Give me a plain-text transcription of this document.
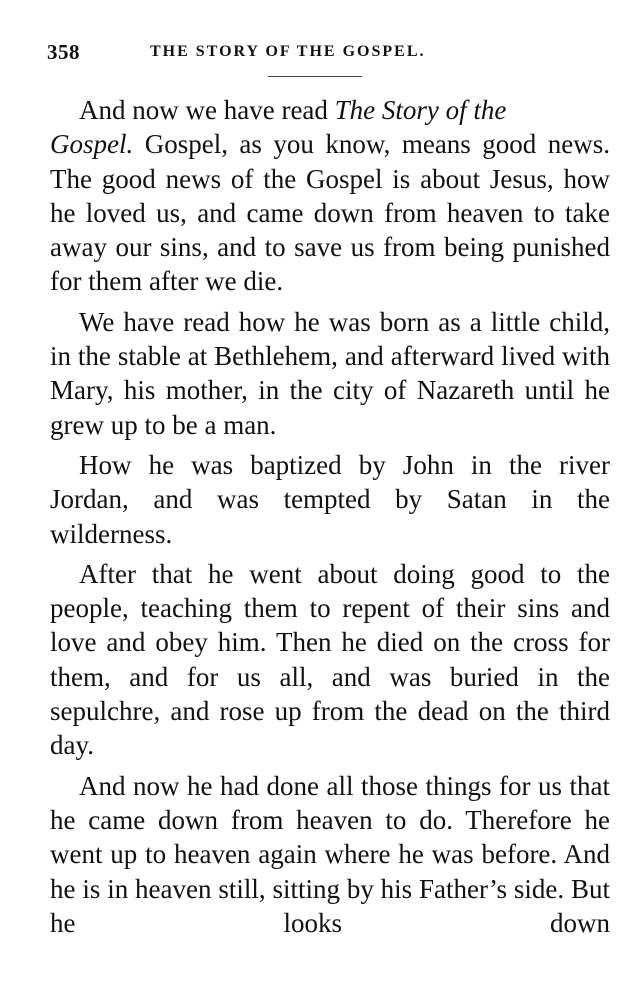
358	THE STORY OF THE GOSPEL.

And now we have read The Story of the
Gospel. Gospel, as you know, means good news. The good news of the Gospel is about Jesus, how he loved us, and came down from heaven to take away our sins, and to save us from being punished for them after we die.

We have read how he was born as a little child, in the stable at Bethlehem, and afterward lived with Mary, his mother, in the city of Nazareth until he grew up to be a man.

How he was baptized by John in the river Jordan, and was tempted by Satan in the wilderness.

After that he went about doing good to the people, teaching them to repent of their sins and love and obey him. Then he died on the cross for them, and for us all, and was buried in the sepulchre, and rose up from the dead on the third day.

And now he had done all those things for us that he came down from heaven to do. Therefore he went up to heaven again where he was before. And he is in heaven still, sitting by his Father’s side. But he looks down
